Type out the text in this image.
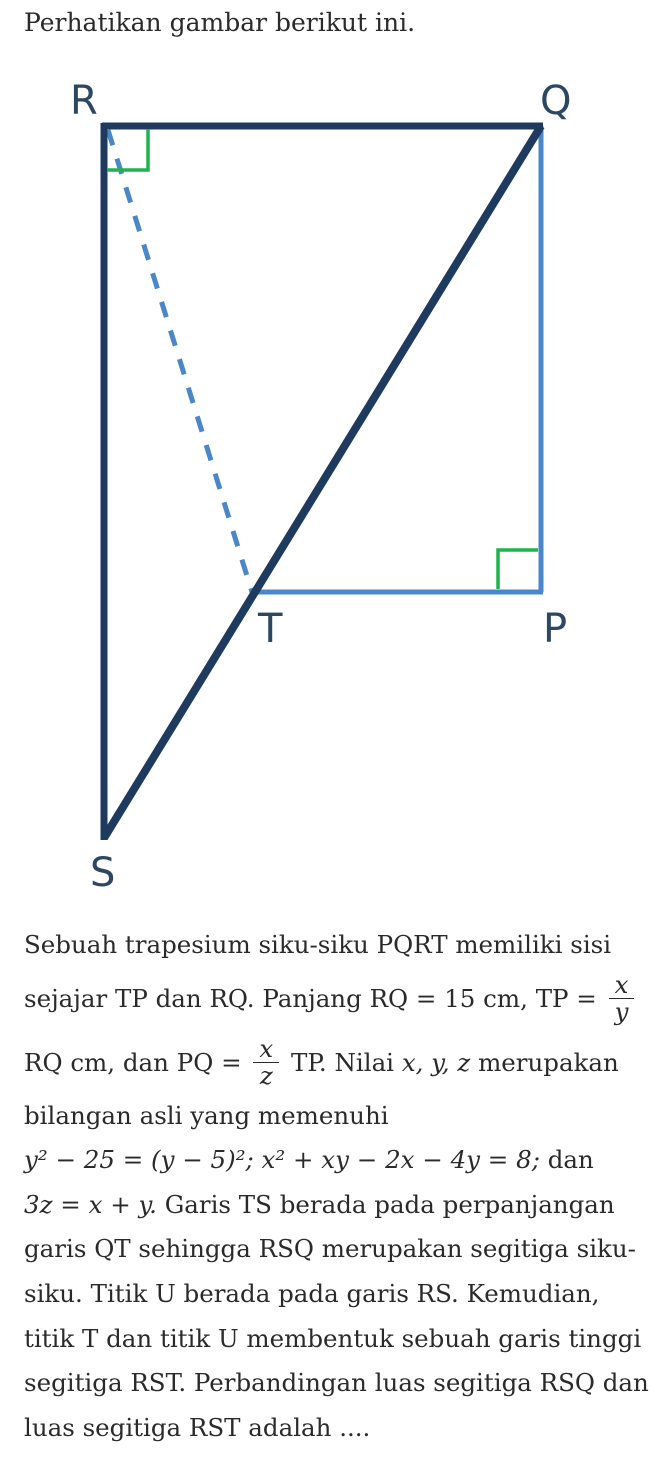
Perhatikan gambar berikut ini.
R	Q
T	P
S
Sebuah trapesium siku-siku PQRT memiliki sisi
sejajar TP dan RQ. Panjang RQ = 15 cm, TP = $\frac{x}{y}$
RQ cm, dan PQ = $\frac{x}{z}$ TP. Nilai x, y, z merupakan
bilangan asli yang memenuhi
y² − 25 = (y − 5)²; x² + xy − 2x − 4y = 8; dan
3z = x + y. Garis TS berada pada perpanjangan
garis QT sehingga RSQ merupakan segitiga siku-
siku. Titik U berada pada garis RS. Kemudian,
titik T dan titik U membentuk sebuah garis tinggi
segitiga RST. Perbandingan luas segitiga RSQ dan
luas segitiga RST adalah ....
